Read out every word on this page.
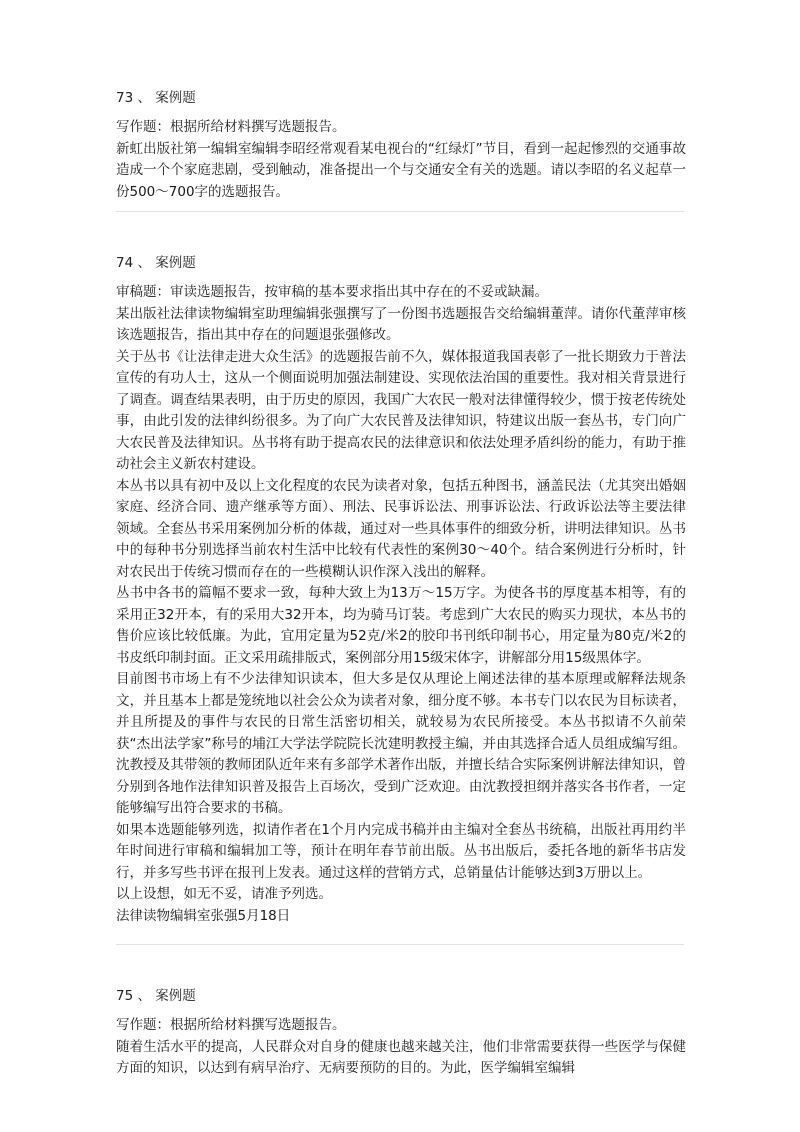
73 、 案例题

写作题：根据所给材料撰写选题报告。

新虹出版社第一编辑室编辑李昭经常观看某电视台的“红绿灯”节目，看到一起起惨烈的交通事故造成一个个家庭悲剧，受到触动，准备提出一个与交通安全有关的选题。请以李昭的名义起草一份500～700字的选题报告。

74 、 案例题

审稿题：审读选题报告，按审稿的基本要求指出其中存在的不妥或缺漏。

某出版社法律读物编辑室助理编辑张强撰写了一份图书选题报告交给编辑董萍。请你代董萍审核该选题报告，指出其中存在的问题退张强修改。

关于丛书《让法律走进大众生活》的选题报告前不久，媒体报道我国表彰了一批长期致力于普法宣传的有功人士，这从一个侧面说明加强法制建设、实现依法治国的重要性。我对相关背景进行了调查。调查结果表明，由于历史的原因，我国广大农民一般对法律懂得较少，惯于按老传统处事，由此引发的法律纠纷很多。为了向广大农民普及法律知识，特建议出版一套丛书，专门向广大农民普及法律知识。丛书将有助于提高农民的法律意识和依法处理矛盾纠纷的能力，有助于推动社会主义新农村建设。

本丛书以具有初中及以上文化程度的农民为读者对象，包括五种图书，涵盖民法（尤其突出婚姻家庭、经济合同、遗产继承等方面）、刑法、民事诉讼法、刑事诉讼法、行政诉讼法等主要法律领域。全套丛书采用案例加分析的体裁，通过对一些具体事件的细致分析，讲明法律知识。丛书中的每种书分别选择当前农村生活中比较有代表性的案例30～40个。结合案例进行分析时，针对农民出于传统习惯而存在的一些模糊认识作深入浅出的解释。

丛书中各书的篇幅不要求一致，每种大致上为13万～15万字。为使各书的厚度基本相等，有的采用正32开本，有的采用大32开本，均为骑马订装。考虑到广大农民的购买力现状，本丛书的售价应该比较低廉。为此，宜用定量为52克/米2的胶印书刊纸印制书心，用定量为80克/米2的书皮纸印制封面。正文采用疏排版式，案例部分用15级宋体字，讲解部分用15级黑体字。

目前图书市场上有不少法律知识读本，但大多是仅从理论上阐述法律的基本原理或解释法规条文，并且基本上都是笼统地以社会公众为读者对象，细分度不够。本书专门以农民为目标读者，并且所提及的事件与农民的日常生活密切相关，就较易为农民所接受。本丛书拟请不久前荣获“杰出法学家”称号的埔江大学法学院院长沈建明教授主编，并由其选择合适人员组成编写组。沈教授及其带领的教师团队近年来有多部学术著作出版，并擅长结合实际案例讲解法律知识，曾分别到各地作法律知识普及报告上百场次，受到广泛欢迎。由沈教授担纲并落实各书作者，一定能够编写出符合要求的书稿。

如果本选题能够列选，拟请作者在1个月内完成书稿并由主编对全套丛书统稿，出版社再用约半年时间进行审稿和编辑加工等，预计在明年春节前出版。丛书出版后，委托各地的新华书店发行，并多写些书评在报刊上发表。通过这样的营销方式，总销量估计能够达到3万册以上。

以上设想，如无不妥，请准予列选。

法律读物编辑室张强5月18日

75 、 案例题

写作题：根据所给材料撰写选题报告。

随着生活水平的提高，人民群众对自身的健康也越来越关注，他们非常需要获得一些医学与保健方面的知识，以达到有病早治疗、无病要预防的目的。为此，医学编辑室编辑
